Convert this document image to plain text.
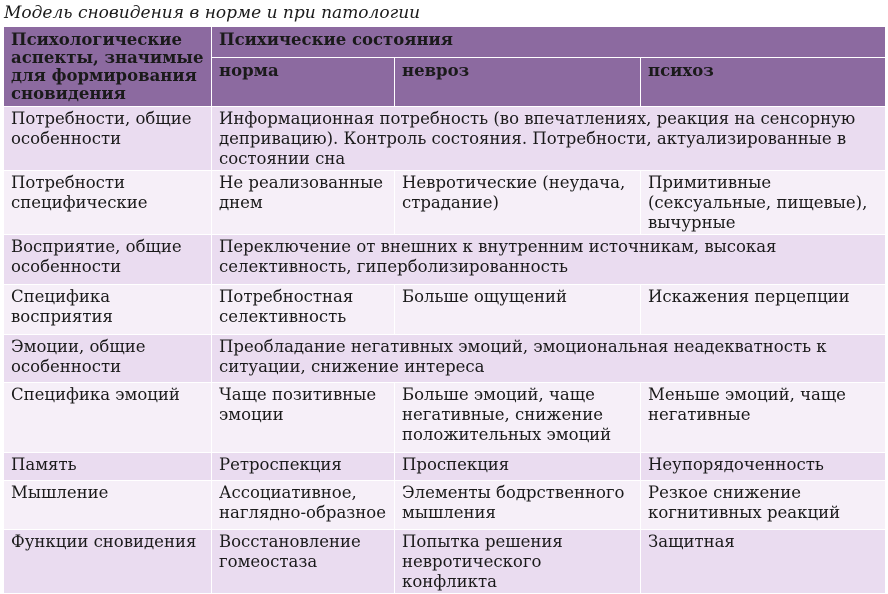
Модель сновидения в норме и при патологии
Психологические аспекты, значимые для формирования сновидения	Психические состояния		
	норма	невроз	психоз
Потребности, общие особенности	Информационная потребность (во впечатлениях, реакция на сенсорную депривацию). Контроль состояния. Потребности, актуализированные в состоянии сна		
Потребности специфические	Не реализованные днем	Невротические (неудача, страдание)	Примитивные (сексуальные, пищевые), вычурные
Восприятие, общие особенности	Переключение от внешних к внутренним источникам, высокая селективность, гиперболизированность		
Специфика восприятия	Потребностная селективность	Больше ощущений	Искажения перцепции
Эмоции, общие особенности	Преобладание негативных эмоций, эмоциональная неадекватность к ситуации, снижение интереса		
Специфика эмоций	Чаще позитивные эмоции	Больше эмоций, чаще негативные, снижение положительных эмоций	Меньше эмоций, чаще негативные
Память	Ретроспекция	Проспекция	Неупорядоченность
Мышление	Ассоциативное, наглядно-образное	Элементы бодрственного мышления	Резкое снижение когнитивных реакций
Функции сновидения	Восстановление гомеостаза	Попытка решения невротического конфликта	Защитная
